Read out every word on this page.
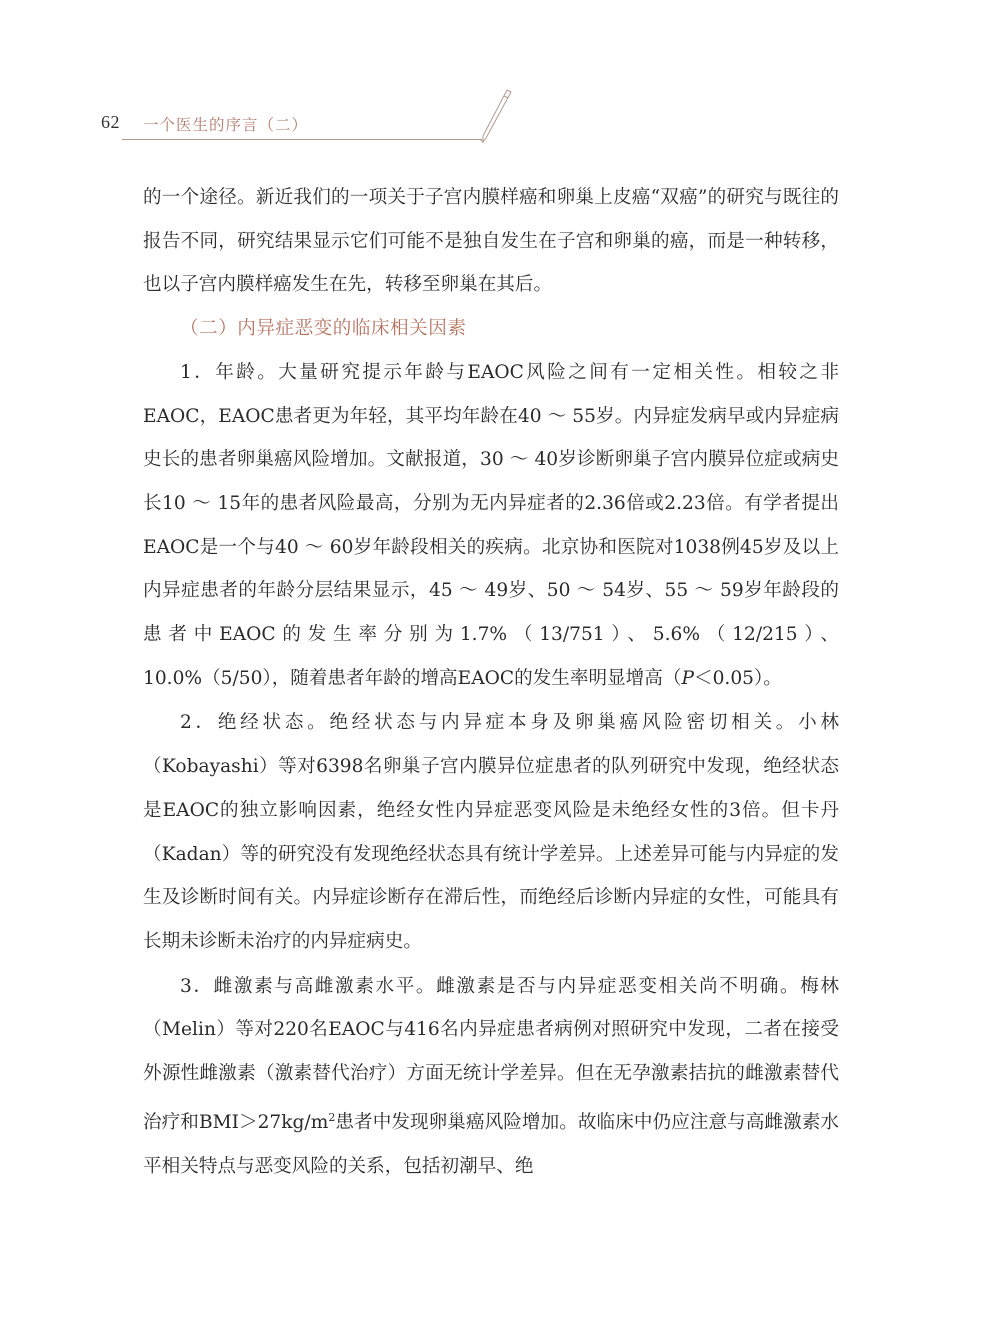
62 一个医生的序言（二）

的一个途径。新近我们的一项关于子宫内膜样癌和卵巢上皮癌“双癌”的研究与既往的报告不同，研究结果显示它们可能不是独自发生在子宫和卵巢的癌，而是一种转移，也以子宫内膜样癌发生在先，转移至卵巢在其后。

（二）内异症恶变的临床相关因素

1．年龄。大量研究提示年龄与EAOC风险之间有一定相关性。相较之非EAOC，EAOC患者更为年轻，其平均年龄在40 ～ 55岁。内异症发病早或内异症病史长的患者卵巢癌风险增加。文献报道，30 ～ 40岁诊断卵巢子宫内膜异位症或病史长10 ～ 15年的患者风险最高，分别为无内异症者的2.36倍或2.23倍。有学者提出EAOC是一个与40 ～ 60岁年龄段相关的疾病。北京协和医院对1038例45岁及以上内异症患者的年龄分层结果显示，45 ～ 49岁、50 ～ 54岁、55 ～ 59岁年龄段的患者中EAOC的发生率分别为1.7%（13/751）、5.6%（12/215）、10.0%（5/50），随着患者年龄的增高EAOC的发生率明显增高（P＜0.05）。

2．绝经状态。绝经状态与内异症本身及卵巢癌风险密切相关。小林（Kobayashi）等对6398名卵巢子宫内膜异位症患者的队列研究中发现，绝经状态是EAOC的独立影响因素，绝经女性内异症恶变风险是未绝经女性的3倍。但卡丹（Kadan）等的研究没有发现绝经状态具有统计学差异。上述差异可能与内异症的发生及诊断时间有关。内异症诊断存在滞后性，而绝经后诊断内异症的女性，可能具有长期未诊断未治疗的内异症病史。

3．雌激素与高雌激素水平。雌激素是否与内异症恶变相关尚不明确。梅林（Melin）等对220名EAOC与416名内异症患者病例对照研究中发现，二者在接受外源性雌激素（激素替代治疗）方面无统计学差异。但在无孕激素拮抗的雌激素替代治疗和$BMI>27kg/m^2$患者中发现卵巢癌风险增加。故临床中仍应注意与高雌激素水平相关特点与恶变风险的关系，包括初潮早、绝
